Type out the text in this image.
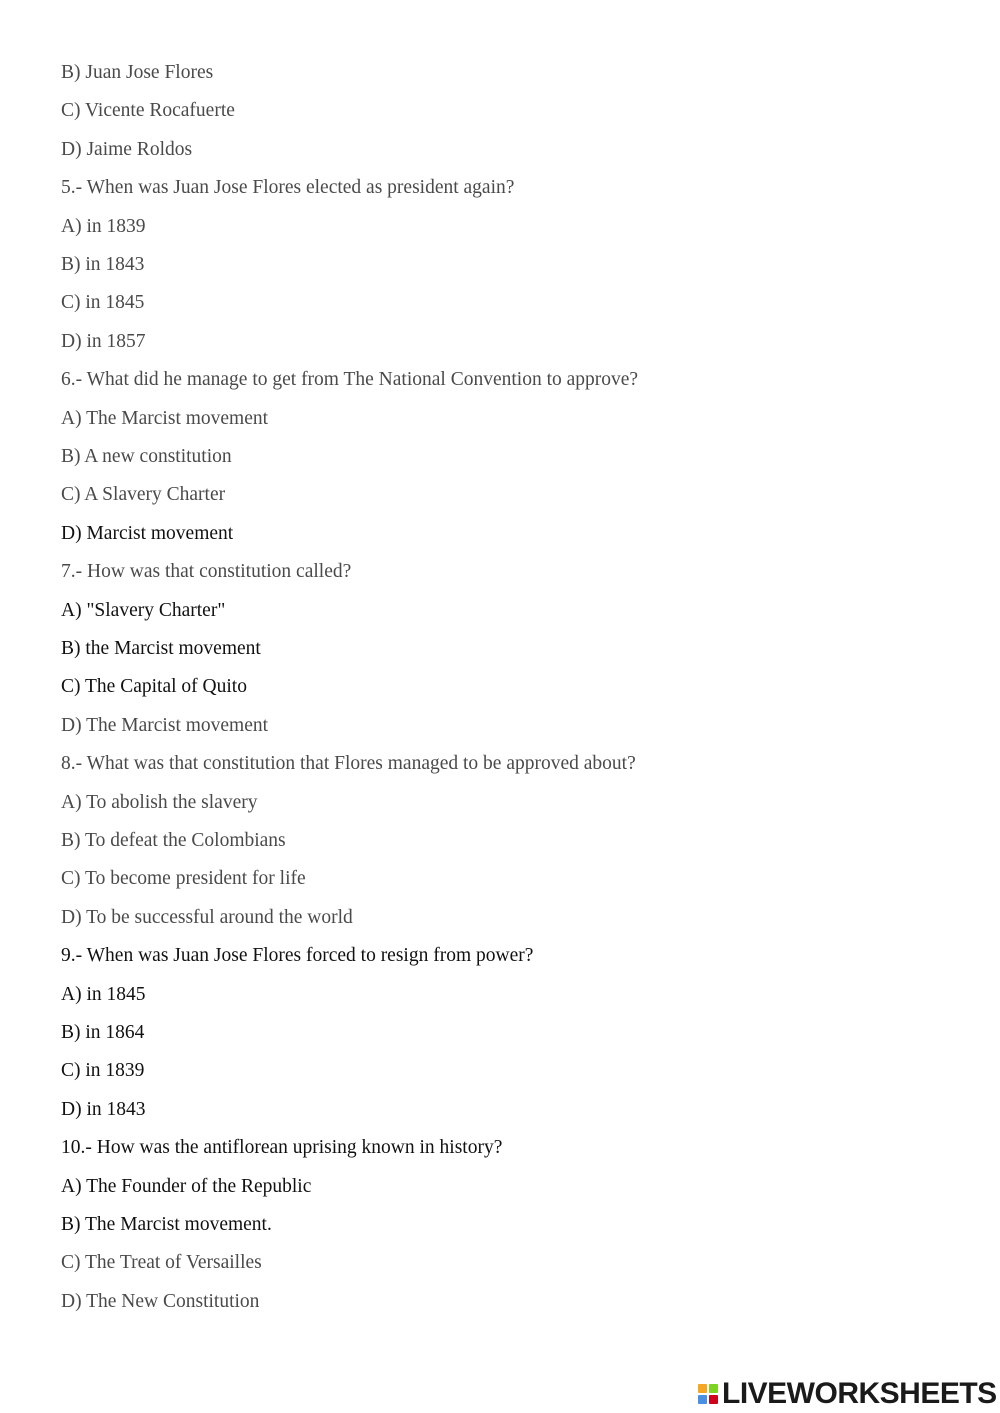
B) Juan Jose Flores
C) Vicente Rocafuerte
D) Jaime Roldos
5.- When was Juan Jose Flores elected as president again?
A) in 1839
B) in 1843
C) in 1845
D) in 1857
6.- What did he manage to get from The National Convention to approve?
A) The Marcist movement
B) A new constitution
C) A Slavery Charter
D) Marcist movement
7.- How was that constitution called?
A) "Slavery Charter"
B) the Marcist movement
C) The Capital of Quito
D) The Marcist movement
8.- What was that constitution that Flores managed to be approved about?
A) To abolish the slavery
B) To defeat the Colombians
C) To become president for life
D) To be successful around the world
9.- When was Juan Jose Flores forced to resign from power?
A) in 1845
B) in 1864
C) in 1839
D) in 1843
10.- How was the antiflorean uprising known in history?
A) The Founder of the Republic
B) The Marcist movement.
C) The Treat of Versailles
D) The New Constitution
LIVEWORKSHEETS
